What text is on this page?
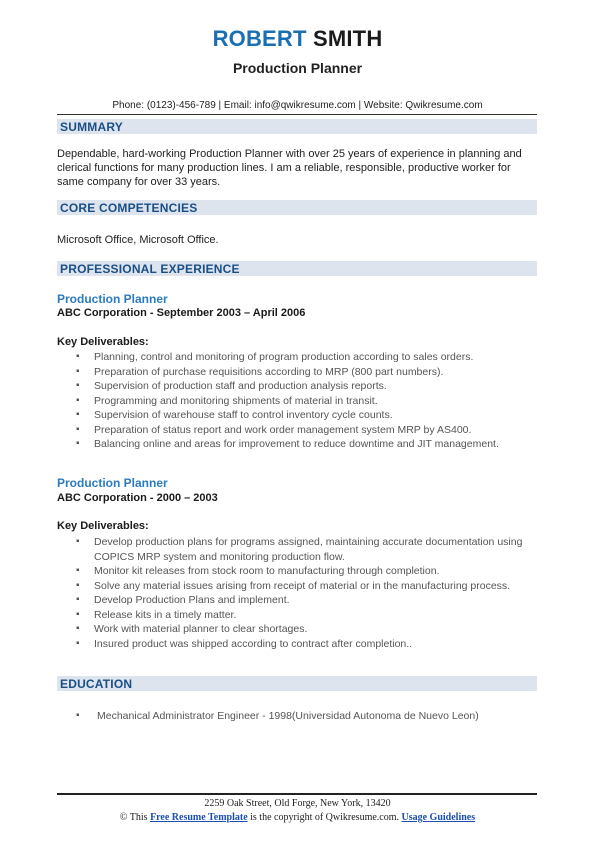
ROBERT SMITH
Production Planner
Phone: (0123)-456-789 | Email: info@qwikresume.com | Website: Qwikresume.com
SUMMARY
Dependable, hard-working Production Planner with over 25 years of experience in planning and clerical functions for many production lines. I am a reliable, responsible, productive worker for same company for over 33 years.
CORE COMPETENCIES
Microsoft Office, Microsoft Office.
PROFESSIONAL EXPERIENCE
Production Planner
ABC Corporation - September 2003 – April 2006
Key Deliverables:
▪ Planning, control and monitoring of program production according to sales orders.
▪ Preparation of purchase requisitions according to MRP (800 part numbers).
▪ Supervision of production staff and production analysis reports.
▪ Programming and monitoring shipments of material in transit.
▪ Supervision of warehouse staff to control inventory cycle counts.
▪ Preparation of status report and work order management system MRP by AS400.
▪ Balancing online and areas for improvement to reduce downtime and JIT management.
Production Planner
ABC Corporation - 2000 – 2003
Key Deliverables:
▪ Develop production plans for programs assigned, maintaining accurate documentation using COPICS MRP system and monitoring production flow.
▪ Monitor kit releases from stock room to manufacturing through completion.
▪ Solve any material issues arising from receipt of material or in the manufacturing process.
▪ Develop Production Plans and implement.
▪ Release kits in a timely matter.
▪ Work with material planner to clear shortages.
▪ Insured product was shipped according to contract after completion..
EDUCATION
▪ Mechanical Administrator Engineer - 1998(Universidad Autonoma de Nuevo Leon)
2259 Oak Street, Old Forge, New York, 13420
© This Free Resume Template is the copyright of Qwikresume.com. Usage Guidelines
